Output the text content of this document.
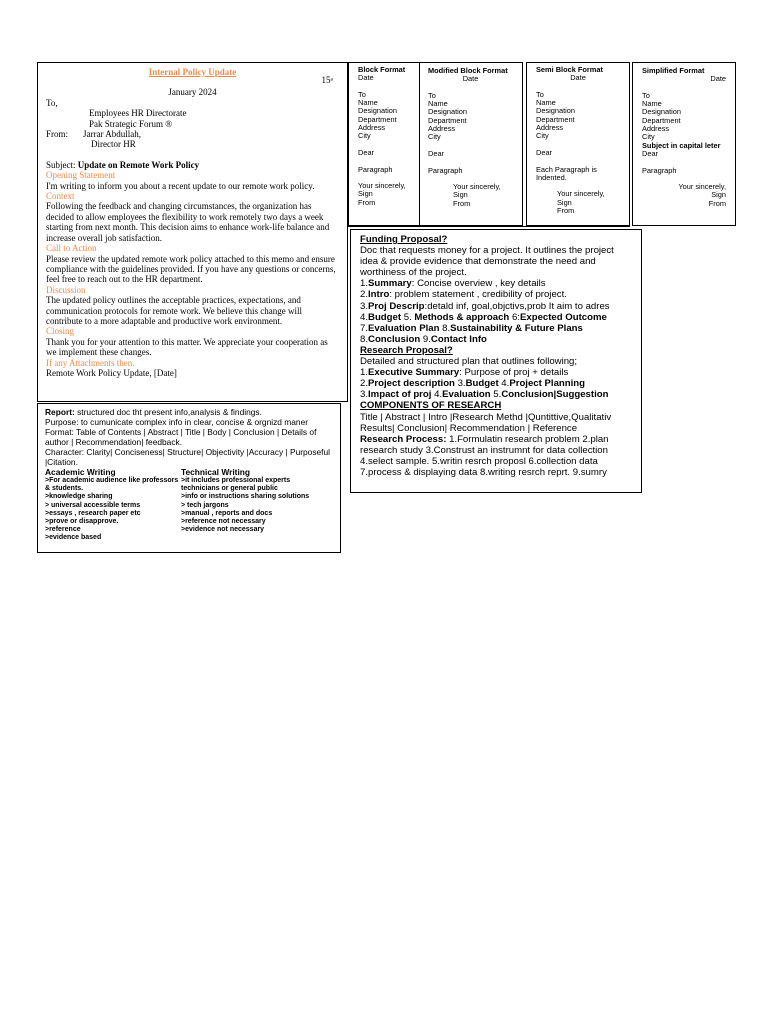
Internal Policy Update
15ᵃ
January 2024
To,
Employees HR Directorate
Pak Strategic Forum ®
From: Jarrar Abdullah,
Director HR
Subject: Update on Remote Work Policy

Opening Statement

I'm writing to inform you about a recent update to our remote work policy.

Context

Following the feedback and changing circumstances, the organization has decided to allow employees the flexibility to work remotely two days a week starting from next month. This decision aims to enhance work-life balance and increase overall job satisfaction.

Call to Action

Please review the updated remote work policy attached to this memo and ensure compliance with the guidelines provided. If you have any questions or concerns, feel free to reach out to the HR department.

Discussion

The updated policy outlines the acceptable practices, expectations, and communication protocols for remote work. We believe this change will contribute to a more adaptable and productive work environment.

Closing

Thank you for your attention to this matter. We appreciate your cooperation as we implement these changes.

If any Attachments then.

Remote Work Policy Update, [Date]

Block Format
Date
To
Name
Designation
Department
Address
City
Dear
Paragraph
Your sincerely,
Sign
From
Modified Block Format
Date
To
Name
Designation
Department
Address
City
Dear
Paragraph
Your sincerely,
Sign
From
Semi Block Format
Date
To
Name
Designation
Department
Address
City
Dear
Each Paragraph is
Indented.
Your sincerely,
Sign
From
Simplified Format
Date
To
Name
Designation
Department
Address
City
Subject in capital leter
Dear
Paragraph
Your sincerely,
Sign
From
Report: structured doc tht present info,analysis & findings.
Purpose: to cumunicate complex info in clear, concise & orgnizd maner
Format: Table of Contents | Abstract | Title | Body | Conclusion | Details of author | Recommendation| feedback.
Character: Clarity| Conciseness| Structure| Objectivity |Accuracy | Purposeful |Citation.
Academic Writing
>For academic audience like professors & students.
>knowledge sharing
> universal accessible terms
>essays , research paper etc
>prove or disapprove.
>reference
>evidence based
Technical Writing
>it includes professional experts technicians or general public
>info or instructions sharing solutions
> tech jargons
>manual , reports and docs
>reference not necessary
>evidence not necessary
Funding Proposal?
Doc that requests money for a project. It outlines the project idea & provide evidence that demonstrate the need and worthiness of the project.
1.Summary: Concise overview , key details
2.Intro: problem statement , credibility of project.
3.Proj Descrip:detald inf, goal,objctivs,prob It aim to adres
4.Budget 5. Methods & approach 6:Expected Outcome
7.Evaluation Plan 8.Sustainability & Future Plans
8.Conclusion 9.Contact Info
Research Proposal?
Detailed and structured plan that outlines following;
1.Executive Summary: Purpose of proj + details
2.Project description 3.Budget 4.Project Planning
3.Impact of proj 4.Evaluation 5.Conclusion|Suggestion
COMPONENTS OF RESEARCH
Title | Abstract | Intro |Research Methd |Quntittive,Qualitativ Results| Conclusion| Recommendation | Reference
Research Process: 1.Formulatin research problem 2.plan research study 3.Construst an instrumnt for data collection 4.select sample. 5.writin resrch proposl 6.collection data 7.process & displaying data 8.writing resrch reprt. 9.sumry
